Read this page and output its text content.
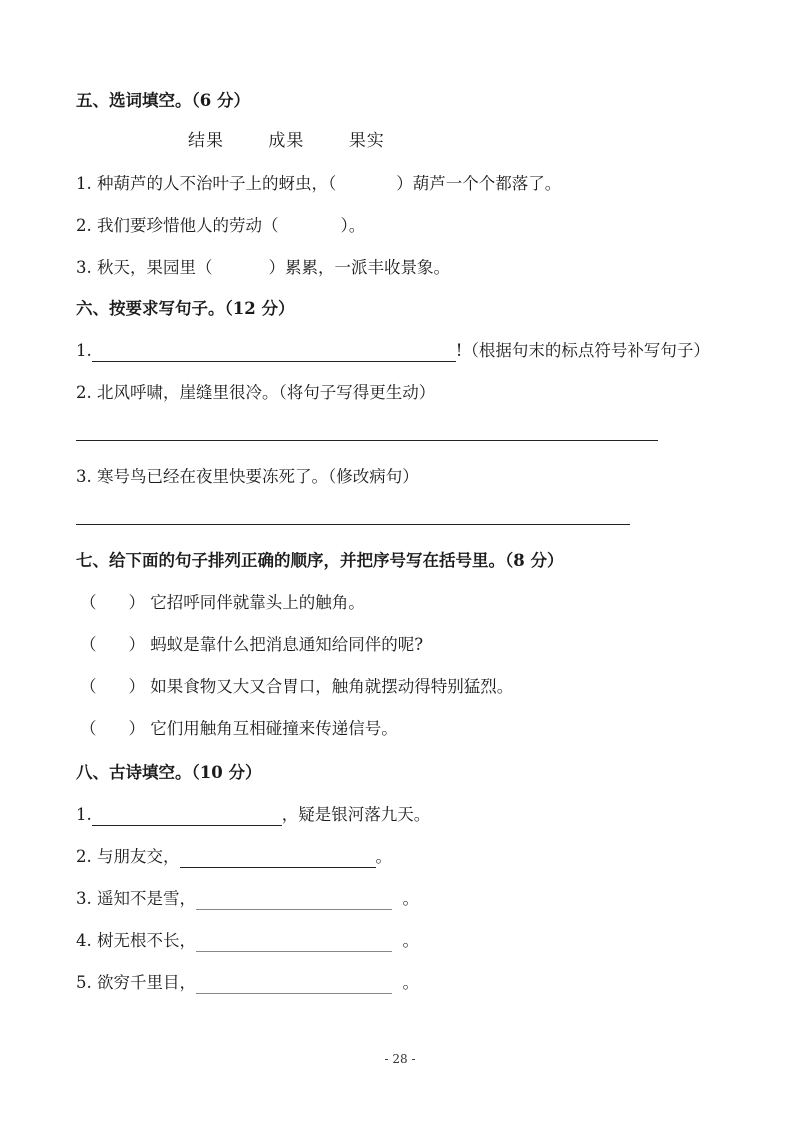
五、选词填空。（6 分）
结果	成果	果实
1. 种葫芦的人不治叶子上的蚜虫，（	）葫芦一个个都落了。
2. 我们要珍惜他人的劳动（	）。
3. 秋天，果园里（	）累累，一派丰收景象。
六、按要求写句子。（12 分）
1.	!（根据句末的标点符号补写句子）
2. 北风呼啸，崖缝里很冷。（将句子写得更生动）
3. 寒号鸟已经在夜里快要冻死了。（修改病句）
七、给下面的句子排列正确的顺序，并把序号写在括号里。（8 分）
（ ） 它招呼同伴就靠头上的触角。
（ ） 蚂蚁是靠什么把消息通知给同伴的呢?
（ ） 如果食物又大又合胃口，触角就摆动得特别猛烈。
（ ） 它们用触角互相碰撞来传递信号。
八、古诗填空。（10 分）
1.	，疑是银河落九天。
2. 与朋友交，	。
3. 遥知不是雪，	。
4. 树无根不长，	。
5. 欲穷千里目，	。
- 28 -
